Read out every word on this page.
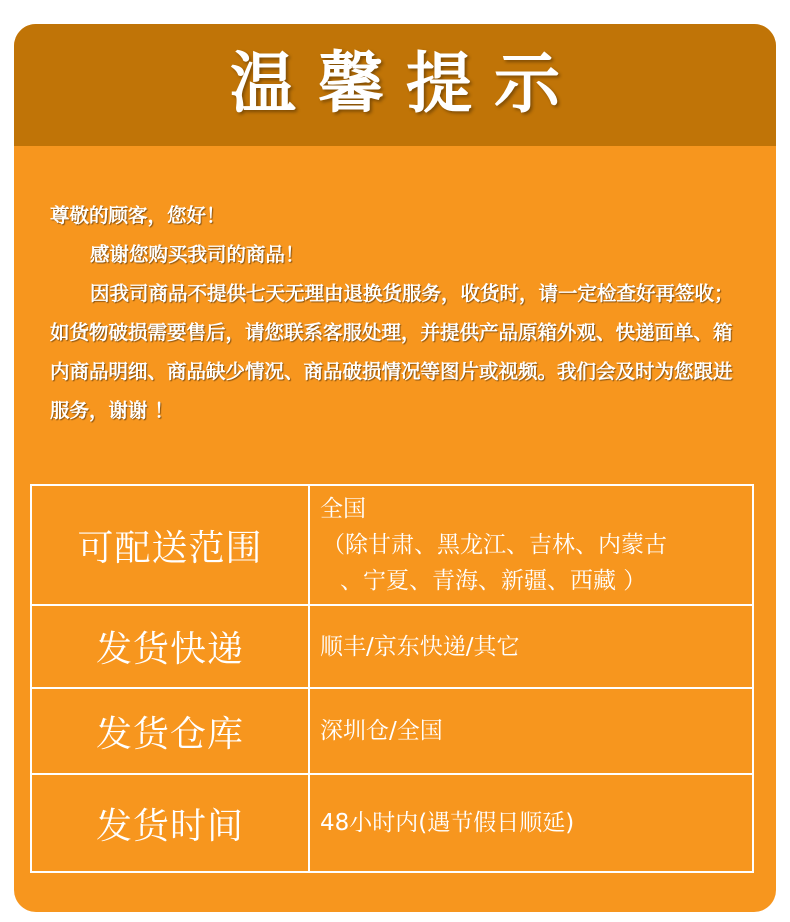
温馨提示

尊敬的顾客，您好！

感谢您购买我司的商品！

因我司商品不提供七天无理由退换货服务，收货时，请一定检查好再签收；如货物破损需要售后，请您联系客服处理，并提供产品原箱外观、快递面单、箱内商品明细、商品缺少情况、商品破损情况等图片或视频。我们会及时为您跟进服务，谢谢 ！

可配送范围	全国
（除甘肃、黑龙江、吉林、内蒙古
、宁夏、青海、新疆、西藏 ）

发货快递	顺丰/京东快递/其它
发货仓库	深圳仓/全国
发货时间	48小时内(遇节假日顺延)
